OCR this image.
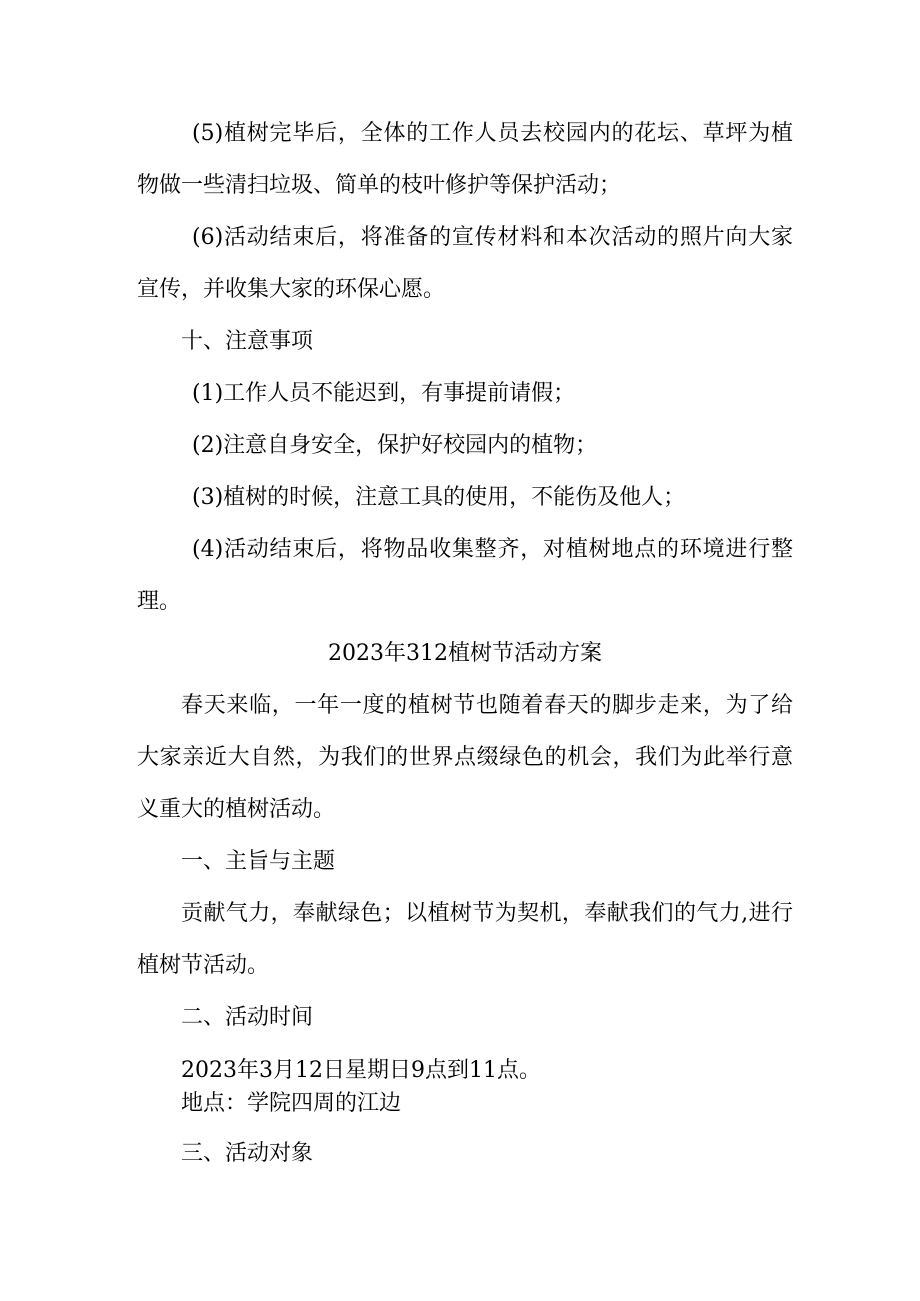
(5)植树完毕后，全体的工作人员去校园内的花坛、草坪为植物做一些清扫垃圾、简单的枝叶修护等保护活动；

(6)活动结束后，将准备的宣传材料和本次活动的照片向大家宣传，并收集大家的环保心愿。

十、注意事项

(1)工作人员不能迟到，有事提前请假；

(2)注意自身安全，保护好校园内的植物；

(3)植树的时候，注意工具的使用，不能伤及他人；

(4)活动结束后，将物品收集整齐，对植树地点的环境进行整理。

2023年312植树节活动方案

春天来临，一年一度的植树节也随着春天的脚步走来，为了给大家亲近大自然，为我们的世界点缀绿色的机会，我们为此举行意义重大的植树活动。

一、主旨与主题

贡献气力，奉献绿色；以植树节为契机，奉献我们的气力,进行植树节活动。

二、活动时间

2023年3月12日星期日9点到11点。

地点：学院四周的江边

三、活动对象
